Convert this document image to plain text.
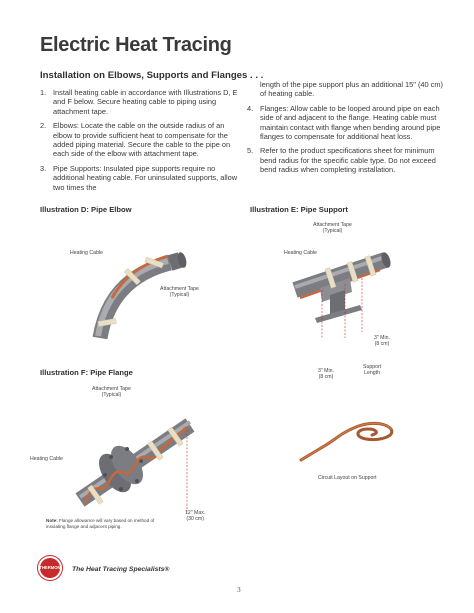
Electric Heat Tracing
Installation on Elbows, Supports and Flanges . . .
1. Install heating cable in accordance with Illustrations D, E and F below. Secure heating cable to piping using attachment tape.
2. Elbows: Locate the cable on the outside radius of an elbow to provide sufficient heat to compensate for the added piping material. Secure the cable to the pipe on each side of the elbow with attachment tape.
3. Pipe Supports: Insulated pipe supports require no additional heating cable. For uninsulated supports, allow two times the
length of the pipe support plus an additional 15" (40 cm) of heating cable.
4. Flanges: Allow cable to be looped around pipe on each side of and adjacent to the flange. Heating cable must maintain contact with flange when bending around pipe flanges to compensate for additional heat loss.
5. Refer to the product specifications sheet for minimum bend radius for the specific cable type. Do not exceed bend radius when completing installation.
Illustration D: Pipe Elbow
Heating Cable
Attachment Tape
(Typical)
Illustration E: Pipe Support
Attachment Tape
(Typical)
Heating Cable
3" Min.
(8 cm)
3" Min.
(8 cm)
Support
Length
Illustration F: Pipe Flange
Attachment Tape
(Typical)
Heating Cable
12" Max.
(30 cm)
Note: Flange allowance will vary based on method of insulating flange and adjacent piping.
Circuit Layout on Support
THERMON	The Heat Tracing Specialists®
3
